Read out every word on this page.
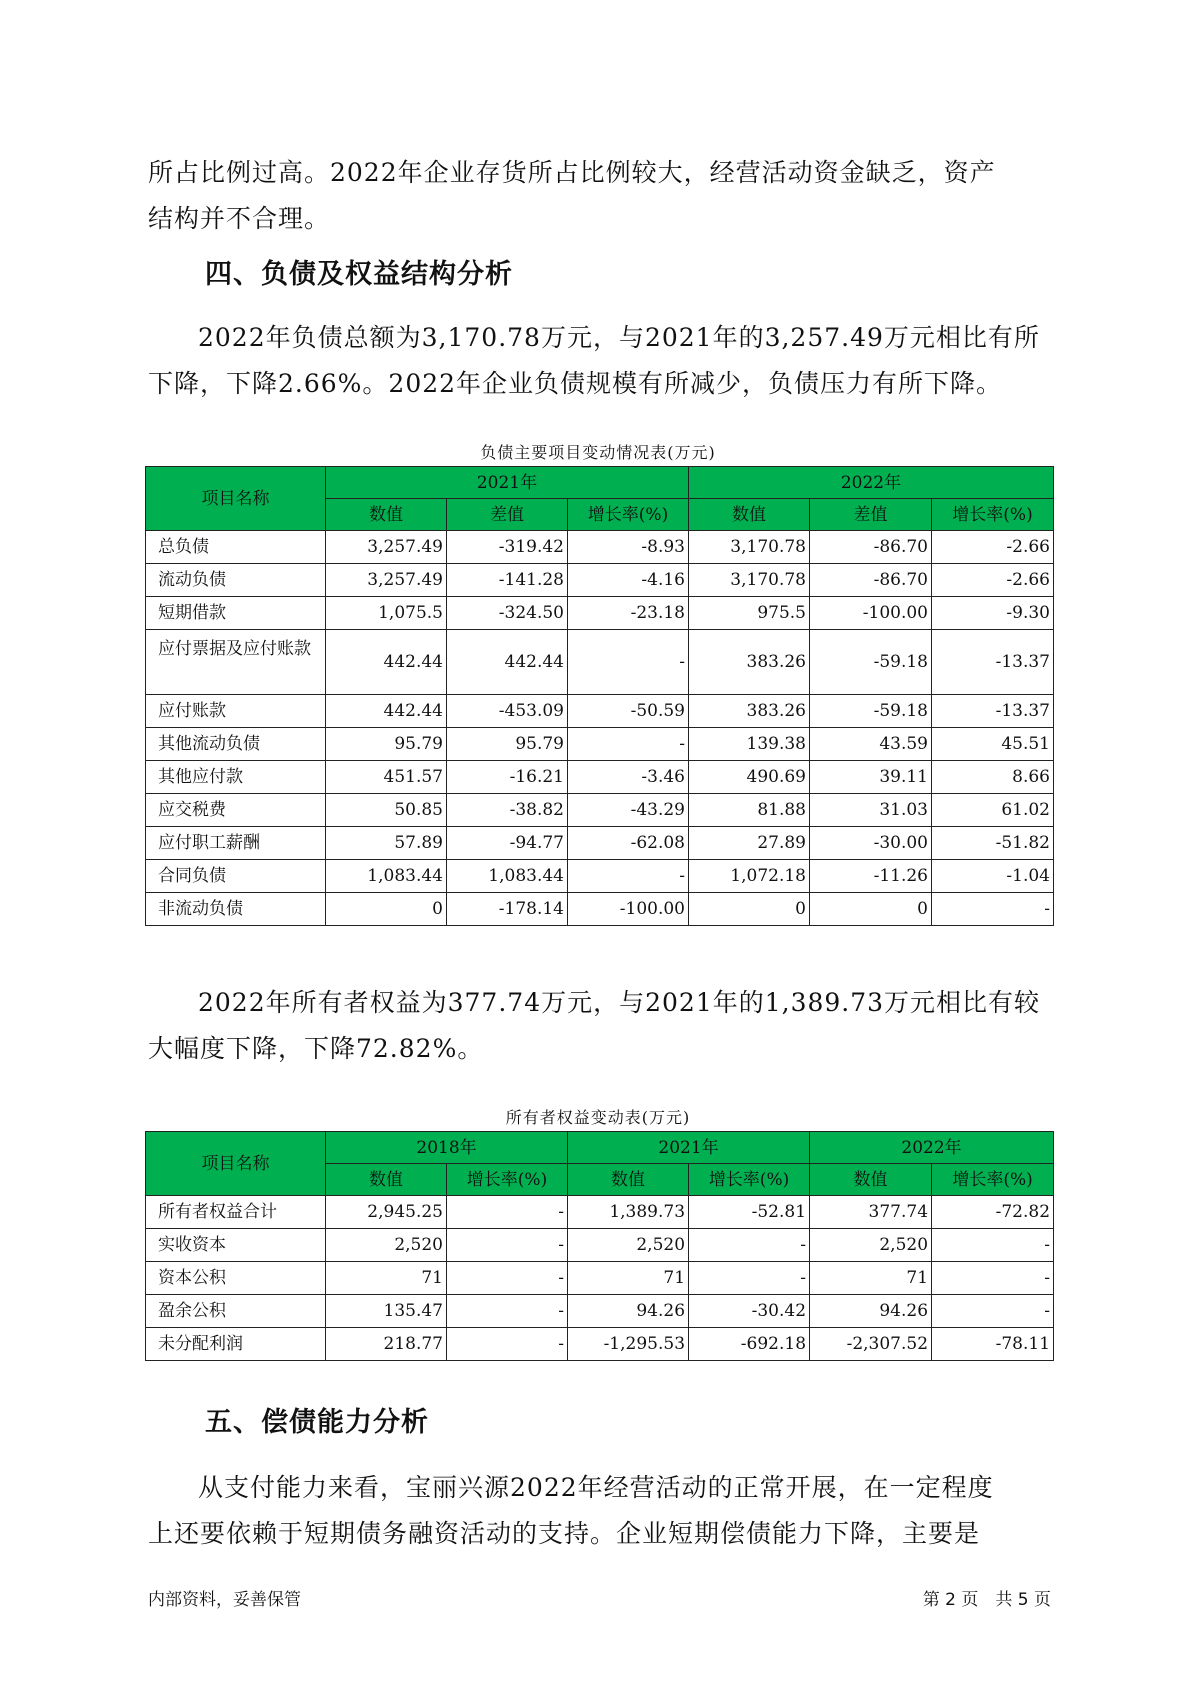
所占比例过高。2022年企业存货所占比例较大，经营活动资金缺乏，资产
结构并不合理。

四、负债及权益结构分析

2022年负债总额为3,170.78万元，与2021年的3,257.49万元相比有所
下降，下降2.66%。2022年企业负债规模有所减少，负债压力有所下降。

负债主要项目变动情况表(万元)

项目名称	2021年			2022年		
	数值	差值	增长率(%)	数值	差值	增长率(%)
总负债	3,257.49	-319.42	-8.93	3,170.78	-86.70	-2.66
流动负债	3,257.49	-141.28	-4.16	3,170.78	-86.70	-2.66
短期借款	1,075.5	-324.50	-23.18	975.5	-100.00	-9.30
应付票据及应付账款	442.44	442.44	-	383.26	-59.18	-13.37
应付账款	442.44	-453.09	-50.59	383.26	-59.18	-13.37
其他流动负债	95.79	95.79	-	139.38	43.59	45.51
其他应付款	451.57	-16.21	-3.46	490.69	39.11	8.66
应交税费	50.85	-38.82	-43.29	81.88	31.03	61.02
应付职工薪酬	57.89	-94.77	-62.08	27.89	-30.00	-51.82
合同负债	1,083.44	1,083.44	-	1,072.18	-11.26	-1.04
非流动负债	0	-178.14	-100.00	0	0	-

2022年所有者权益为377.74万元，与2021年的1,389.73万元相比有较
大幅度下降，下降72.82%。

所有者权益变动表(万元)

项目名称	2018年		2021年		2022年	
	数值	增长率(%)	数值	增长率(%)	数值	增长率(%)
所有者权益合计	2,945.25	-	1,389.73	-52.81	377.74	-72.82
实收资本	2,520	-	2,520	-	2,520	-
资本公积	71	-	71	-	71	-
盈余公积	135.47	-	94.26	-30.42	94.26	-
未分配利润	218.77	-	-1,295.53	-692.18	-2,307.52	-78.11
五、偿债能力分析

从支付能力来看，宝丽兴源2022年经营活动的正常开展，在一定程度
上还要依赖于短期债务融资活动的支持。企业短期偿债能力下降，主要是

内部资料，妥善保管	第 2 页　共 5 页
